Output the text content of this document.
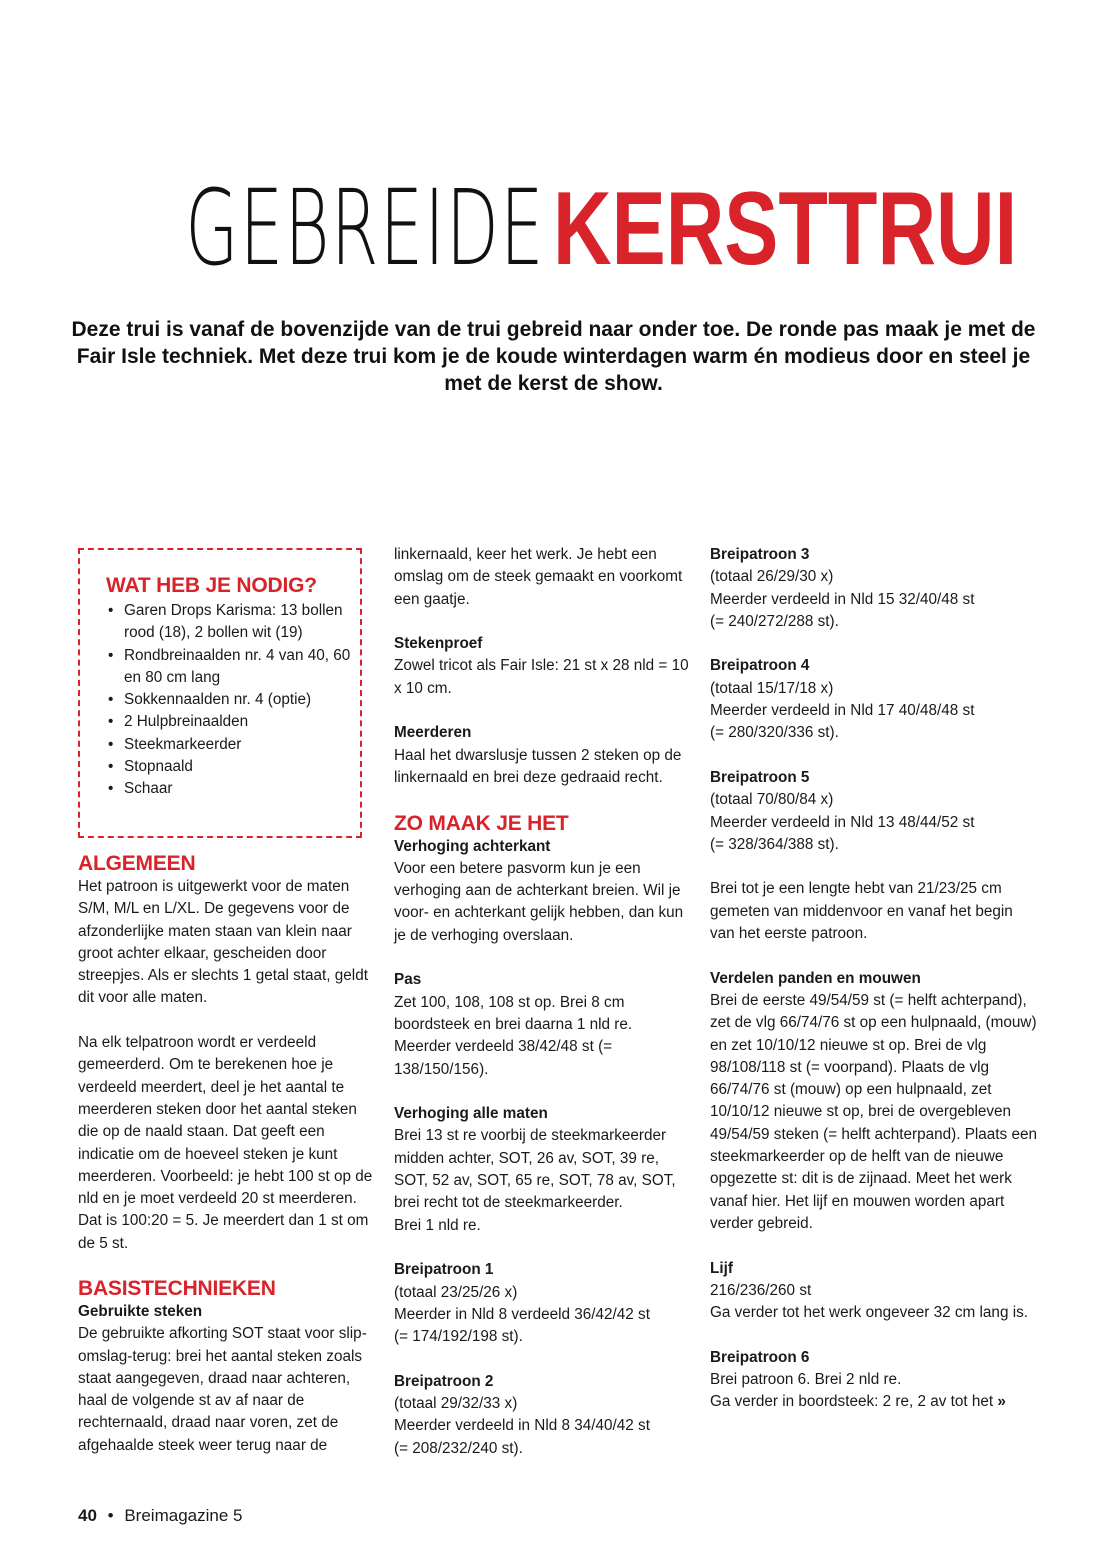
GEBREIDEKERSTTRUI
Deze trui is vanaf de bovenzijde van de trui gebreid naar onder toe. De ronde pas maak je met de Fair Isle techniek. Met deze trui kom je de koude winterdagen warm én modieus door en steel je met de kerst de show.
WAT HEB JE NODIG?
• Garen Drops Karisma: 13 bollen rood (18), 2 bollen wit (19)
• Rondbreinaalden nr. 4 van 40, 60 en 80 cm lang
• Sokkennaalden nr. 4 (optie)
• 2 Hulpbreinaalden
• Steekmarkeerder
• Stopnaald
• Schaar
ALGEMEEN

Het patroon is uitgewerkt voor de maten S/M, M/L en L/XL. De gegevens voor de afzonderlijke maten staan van klein naar groot achter elkaar, gescheiden door streepjes. Als er slechts 1 getal staat, geldt dit voor alle maten.

Na elk telpatroon wordt er verdeeld gemeerderd. Om te berekenen hoe je verdeeld meerdert, deel je het aantal te meerderen steken door het aantal steken die op de naald staan. Dat geeft een indicatie om de hoeveel steken je kunt meerderen. Voorbeeld: je hebt 100 st op de nld en je moet verdeeld 20 st meerderen. Dat is 100:20 = 5. Je meerdert dan 1 st om de 5 st.

BASISTECHNIEKEN
Gebruikte steken
De gebruikte afkorting SOT staat voor slip-omslag-terug: brei het aantal steken zoals staat aangegeven, draad naar achteren, haal de volgende st av af naar de rechternaald, draad naar voren, zet de afgehaalde steek weer terug naar de

linkernaald, keer het werk. Je hebt een omslag om de steek gemaakt en voorkomt een gaatje.

Stekenproef

Zowel tricot als Fair Isle: 21 st x 28 nld = 10 x 10 cm.

Meerderen

Haal het dwarslusje tussen 2 steken op de linkernaald en brei deze gedraaid recht.

ZO MAAK JE HET
Verhoging achterkant

Voor een betere pasvorm kun je een verhoging aan de achterkant breien. Wil je voor- en achterkant gelijk hebben, dan kun je de verhoging overslaan.

Pas

Zet 100, 108, 108 st op. Brei 8 cm boordsteek en brei daarna 1 nld re. Meerder verdeeld 38/42/48 st (= 138/150/156).

Verhoging alle maten

Brei 13 st re voorbij de steekmarkeerder midden achter, SOT, 26 av, SOT, 39 re, SOT, 52 av, SOT, 65 re, SOT, 78 av, SOT, brei recht tot de steekmarkeerder.

Brei 1 nld re.

Breipatroon 1
(totaal 23/25/26 x)
Meerder in Nld 8 verdeeld 36/42/42 st

(= 174/192/198 st).

Breipatroon 2
(totaal 29/32/33 x)
Meerder verdeeld in Nld 8 34/40/42 st
(= 208/232/240 st).
Breipatroon 3
(totaal 26/29/30 x)
Meerder verdeeld in Nld 15 32/40/48 st

(= 240/272/288 st).

Breipatroon 4
(totaal 15/17/18 x)
Meerder verdeeld in Nld 17 40/48/48 st

(= 280/320/336 st).

Breipatroon 5
(totaal 70/80/84 x)
Meerder verdeeld in Nld 13 48/44/52 st

(= 328/364/388 st).

Brei tot je een lengte hebt van 21/23/25 cm gemeten van middenvoor en vanaf het begin van het eerste patroon.

Verdelen panden en mouwen

Brei de eerste 49/54/59 st (= helft achterpand), zet de vlg 66/74/76 st op een hulpnaald, (mouw) en zet 10/10/12 nieuwe st op. Brei de vlg 98/108/118 st (= voorpand). Plaats de vlg 66/74/76 st (mouw) op een hulpnaald, zet 10/10/12 nieuwe st op, brei de overgebleven 49/54/59 steken (= helft achterpand). Plaats een steekmarkeerder op de helft van de nieuwe opgezette st: dit is de zijnaad. Meet het werk vanaf hier. Het lijf en mouwen worden apart verder gebreid.

Lijf
216/236/260 st

Ga verder tot het werk ongeveer 32 cm lang is.

Breipatroon 6
Brei patroon 6. Brei 2 nld re.
Ga verder in boordsteek: 2 re, 2 av tot het »
40 • Breimagazine 5
